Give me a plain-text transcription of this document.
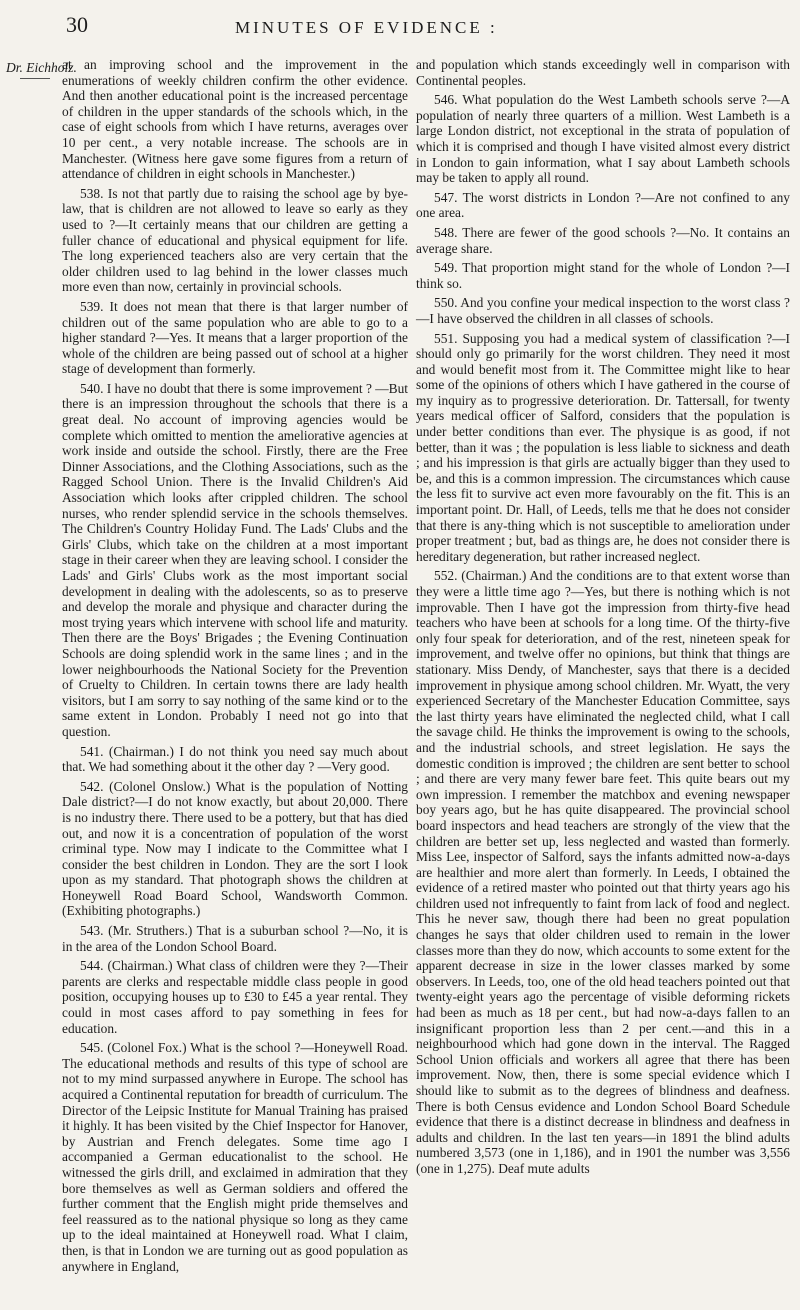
30	MINUTES OF EVIDENCE :
Dr. Eichholz.

at an improving school and the improvement in the enumerations of weekly children confirm the other evidence. And then another educational point is the increased percentage of children in the upper standards of the schools which, in the case of eight schools from which I have returns, averages over 10 per cent., a very notable increase. The schools are in Manchester. (Witness here gave some figures from a return of attendance of children in eight schools in Manchester.)

538. Is not that partly due to raising the school age by bye-law, that is children are not allowed to leave so early as they used to ?—It certainly means that our children are getting a fuller chance of educational and physical equipment for life. The long experienced teachers also are very certain that the older children used to lag behind in the lower classes much more even than now, certainly in provincial schools.

539. It does not mean that there is that larger number of children out of the same population who are able to go to a higher standard ?—Yes. It means that a larger proportion of the whole of the children are being passed out of school at a higher stage of development than formerly.

540. I have no doubt that there is some improvement ? —But there is an impression throughout the schools that there is a great deal. No account of improving agencies would be complete which omitted to mention the ameliorative agencies at work inside and outside the school. Firstly, there are the Free Dinner Associations, and the Clothing Associations, such as the Ragged School Union. There is the Invalid Children's Aid Association which looks after crippled children. The school nurses, who render splendid service in the schools themselves. The Children's Country Holiday Fund. The Lads' Clubs and the Girls' Clubs, which take on the children at a most important stage in their career when they are leaving school. I consider the Lads' and Girls' Clubs work as the most important social development in dealing with the adolescents, so as to preserve and develop the morale and physique and character during the most trying years which intervene with school life and maturity. Then there are the Boys' Brigades ; the Evening Continuation Schools are doing splendid work in the same lines ; and in the lower neighbourhoods the National Society for the Prevention of Cruelty to Children. In certain towns there are lady health visitors, but I am sorry to say nothing of the same kind or to the same extent in London. Probably I need not go into that question.

541. (Chairman.) I do not think you need say much about that. We had something about it the other day ? —Very good.

542. (Colonel Onslow.) What is the population of Notting Dale district?—I do not know exactly, but about 20,000. There is no industry there. There used to be a pottery, but that has died out, and now it is a concentration of population of the worst criminal type. Now may I indicate to the Committee what I consider the best children in London. They are the sort I look upon as my standard. That photograph shows the children at Honeywell Road Board School, Wandsworth Common. (Exhibiting photographs.)

543. (Mr. Struthers.) That is a suburban school ?—No, it is in the area of the London School Board.

544. (Chairman.) What class of children were they ?—Their parents are clerks and respectable middle class people in good position, occupying houses up to £30 to £45 a year rental. They could in most cases afford to pay something in fees for education.

545. (Colonel Fox.) What is the school ?—Honeywell Road. The educational methods and results of this type of school are not to my mind surpassed anywhere in Europe. The school has acquired a Continental reputation for breadth of curriculum. The Director of the Leipsic Institute for Manual Training has praised it highly. It has been visited by the Chief Inspector for Hanover, by Austrian and French delegates. Some time ago I accompanied a German educationalist to the school. He witnessed the girls drill, and exclaimed in admiration that they bore themselves as well as German soldiers and offered the further comment that the English might pride themselves and feel reassured as to the national physique so long as they came up to the ideal maintained at Honeywell road. What I claim, then, is that in London we are turning out as good population as anywhere in England,

and population which stands exceedingly well in comparison with Continental peoples.

546. What population do the West Lambeth schools serve ?—A population of nearly three quarters of a million. West Lambeth is a large London district, not exceptional in the strata of population of which it is comprised and though I have visited almost every district in London to gain information, what I say about Lambeth schools may be taken to apply all round.

547. The worst districts in London ?—Are not confined to any one area.

548. There are fewer of the good schools ?—No. It contains an average share.

549. That proportion might stand for the whole of London ?—I think so.

550. And you confine your medical inspection to the worst class ?—I have observed the children in all classes of schools.

551. Supposing you had a medical system of classification ?—I should only go primarily for the worst children. They need it most and would benefit most from it. The Committee might like to hear some of the opinions of others which I have gathered in the course of my inquiry as to progressive deterioration. Dr. Tattersall, for twenty years medical officer of Salford, considers that the population is under better conditions than ever. The physique is as good, if not better, than it was ; the population is less liable to sickness and death ; and his impression is that girls are actually bigger than they used to be, and this is a common impression. The circumstances which cause the less fit to survive act even more favourably on the fit. This is an important point. Dr. Hall, of Leeds, tells me that he does not consider that there is any-thing which is not susceptible to amelioration under proper treatment ; but, bad as things are, he does not consider there is hereditary degeneration, but rather increased neglect.

552. (Chairman.) And the conditions are to that extent worse than they were a little time ago ?—Yes, but there is nothing which is not improvable. Then I have got the impression from thirty-five head teachers who have been at schools for a long time. Of the thirty-five only four speak for deterioration, and of the rest, nineteen speak for improvement, and twelve offer no opinions, but think that things are stationary. Miss Dendy, of Manchester, says that there is a decided improvement in physique among school children. Mr. Wyatt, the very experienced Secretary of the Manchester Education Committee, says the last thirty years have eliminated the neglected child, what I call the savage child. He thinks the improvement is owing to the schools, and the industrial schools, and street legislation. He says the domestic condition is improved ; the children are sent better to school ; and there are very many fewer bare feet. This quite bears out my own impression. I remember the matchbox and evening newspaper boy years ago, but he has quite disappeared. The provincial school board inspectors and head teachers are strongly of the view that the children are better set up, less neglected and wasted than formerly. Miss Lee, inspector of Salford, says the infants admitted now-a-days are healthier and more alert than formerly. In Leeds, I obtained the evidence of a retired master who pointed out that thirty years ago his children used not infrequently to faint from lack of food and neglect. This he never saw, though there had been no great population changes he says that older children used to remain in the lower classes more than they do now, which accounts to some extent for the apparent decrease in size in the lower classes marked by some observers. In Leeds, too, one of the old head teachers pointed out that twenty-eight years ago the percentage of visible deforming rickets had been as much as 18 per cent., but had now-a-days fallen to an insignificant proportion less than 2 per cent.—and this in a neighbourhood which had gone down in the interval. The Ragged School Union officials and workers all agree that there has been improvement. Now, then, there is some special evidence which I should like to submit as to the degrees of blindness and deafness. There is both Census evidence and London School Board Schedule evidence that there is a distinct decrease in blindness and deafness in adults and children. In the last ten years—in 1891 the blind adults numbered 3,573 (one in 1,186), and in 1901 the number was 3,556 (one in 1,275). Deaf mute adults
